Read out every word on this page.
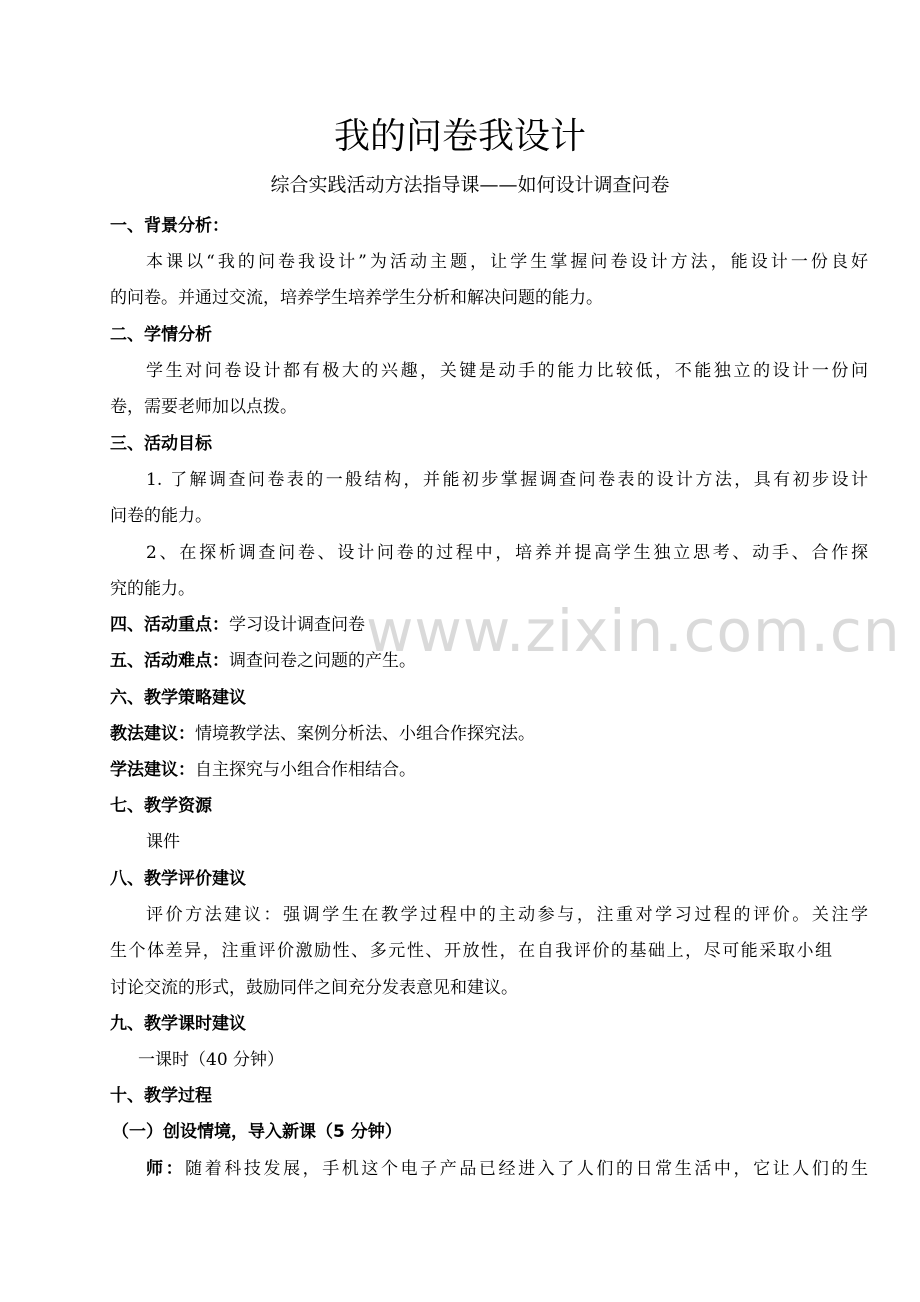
我的问卷我设计
综合实践活动方法指导课——如何设计调查问卷
一、背景分析：
本课以“我的问卷我设计”为活动主题，让学生掌握问卷设计方法，能设计一份良好
的问卷。并通过交流，培养学生培养学生分析和解决问题的能力。
二、学情分析
学生对问卷设计都有极大的兴趣，关键是动手的能力比较低，不能独立的设计一份问
卷，需要老师加以点拨。
三、活动目标
1. 了解调查问卷表的一般结构，并能初步掌握调查问卷表的设计方法，具有初步设计
问卷的能力。
2、在探析调查问卷、设计问卷的过程中，培养并提高学生独立思考、动手、合作探
究的能力。
四、活动重点：学习设计调查问卷
五、活动难点：调查问卷之问题的产生。
六、教学策略建议
教法建议：情境教学法、案例分析法、小组合作探究法。
学法建议：自主探究与小组合作相结合。
七、教学资源
课件
八、教学评价建议
评价方法建议：强调学生在教学过程中的主动参与，注重对学习过程的评价。关注学
生个体差异，注重评价激励性、多元性、开放性，在自我评价的基础上，尽可能采取小组
讨论交流的形式，鼓励同伴之间充分发表意见和建议。
九、教学课时建议
一课时（40 分钟）
十、教学过程
（一）创设情境，导入新课（5 分钟）
师：随着科技发展，手机这个电子产品已经进入了人们的日常生活中，它让人们的生
www.zixin.com.cn
